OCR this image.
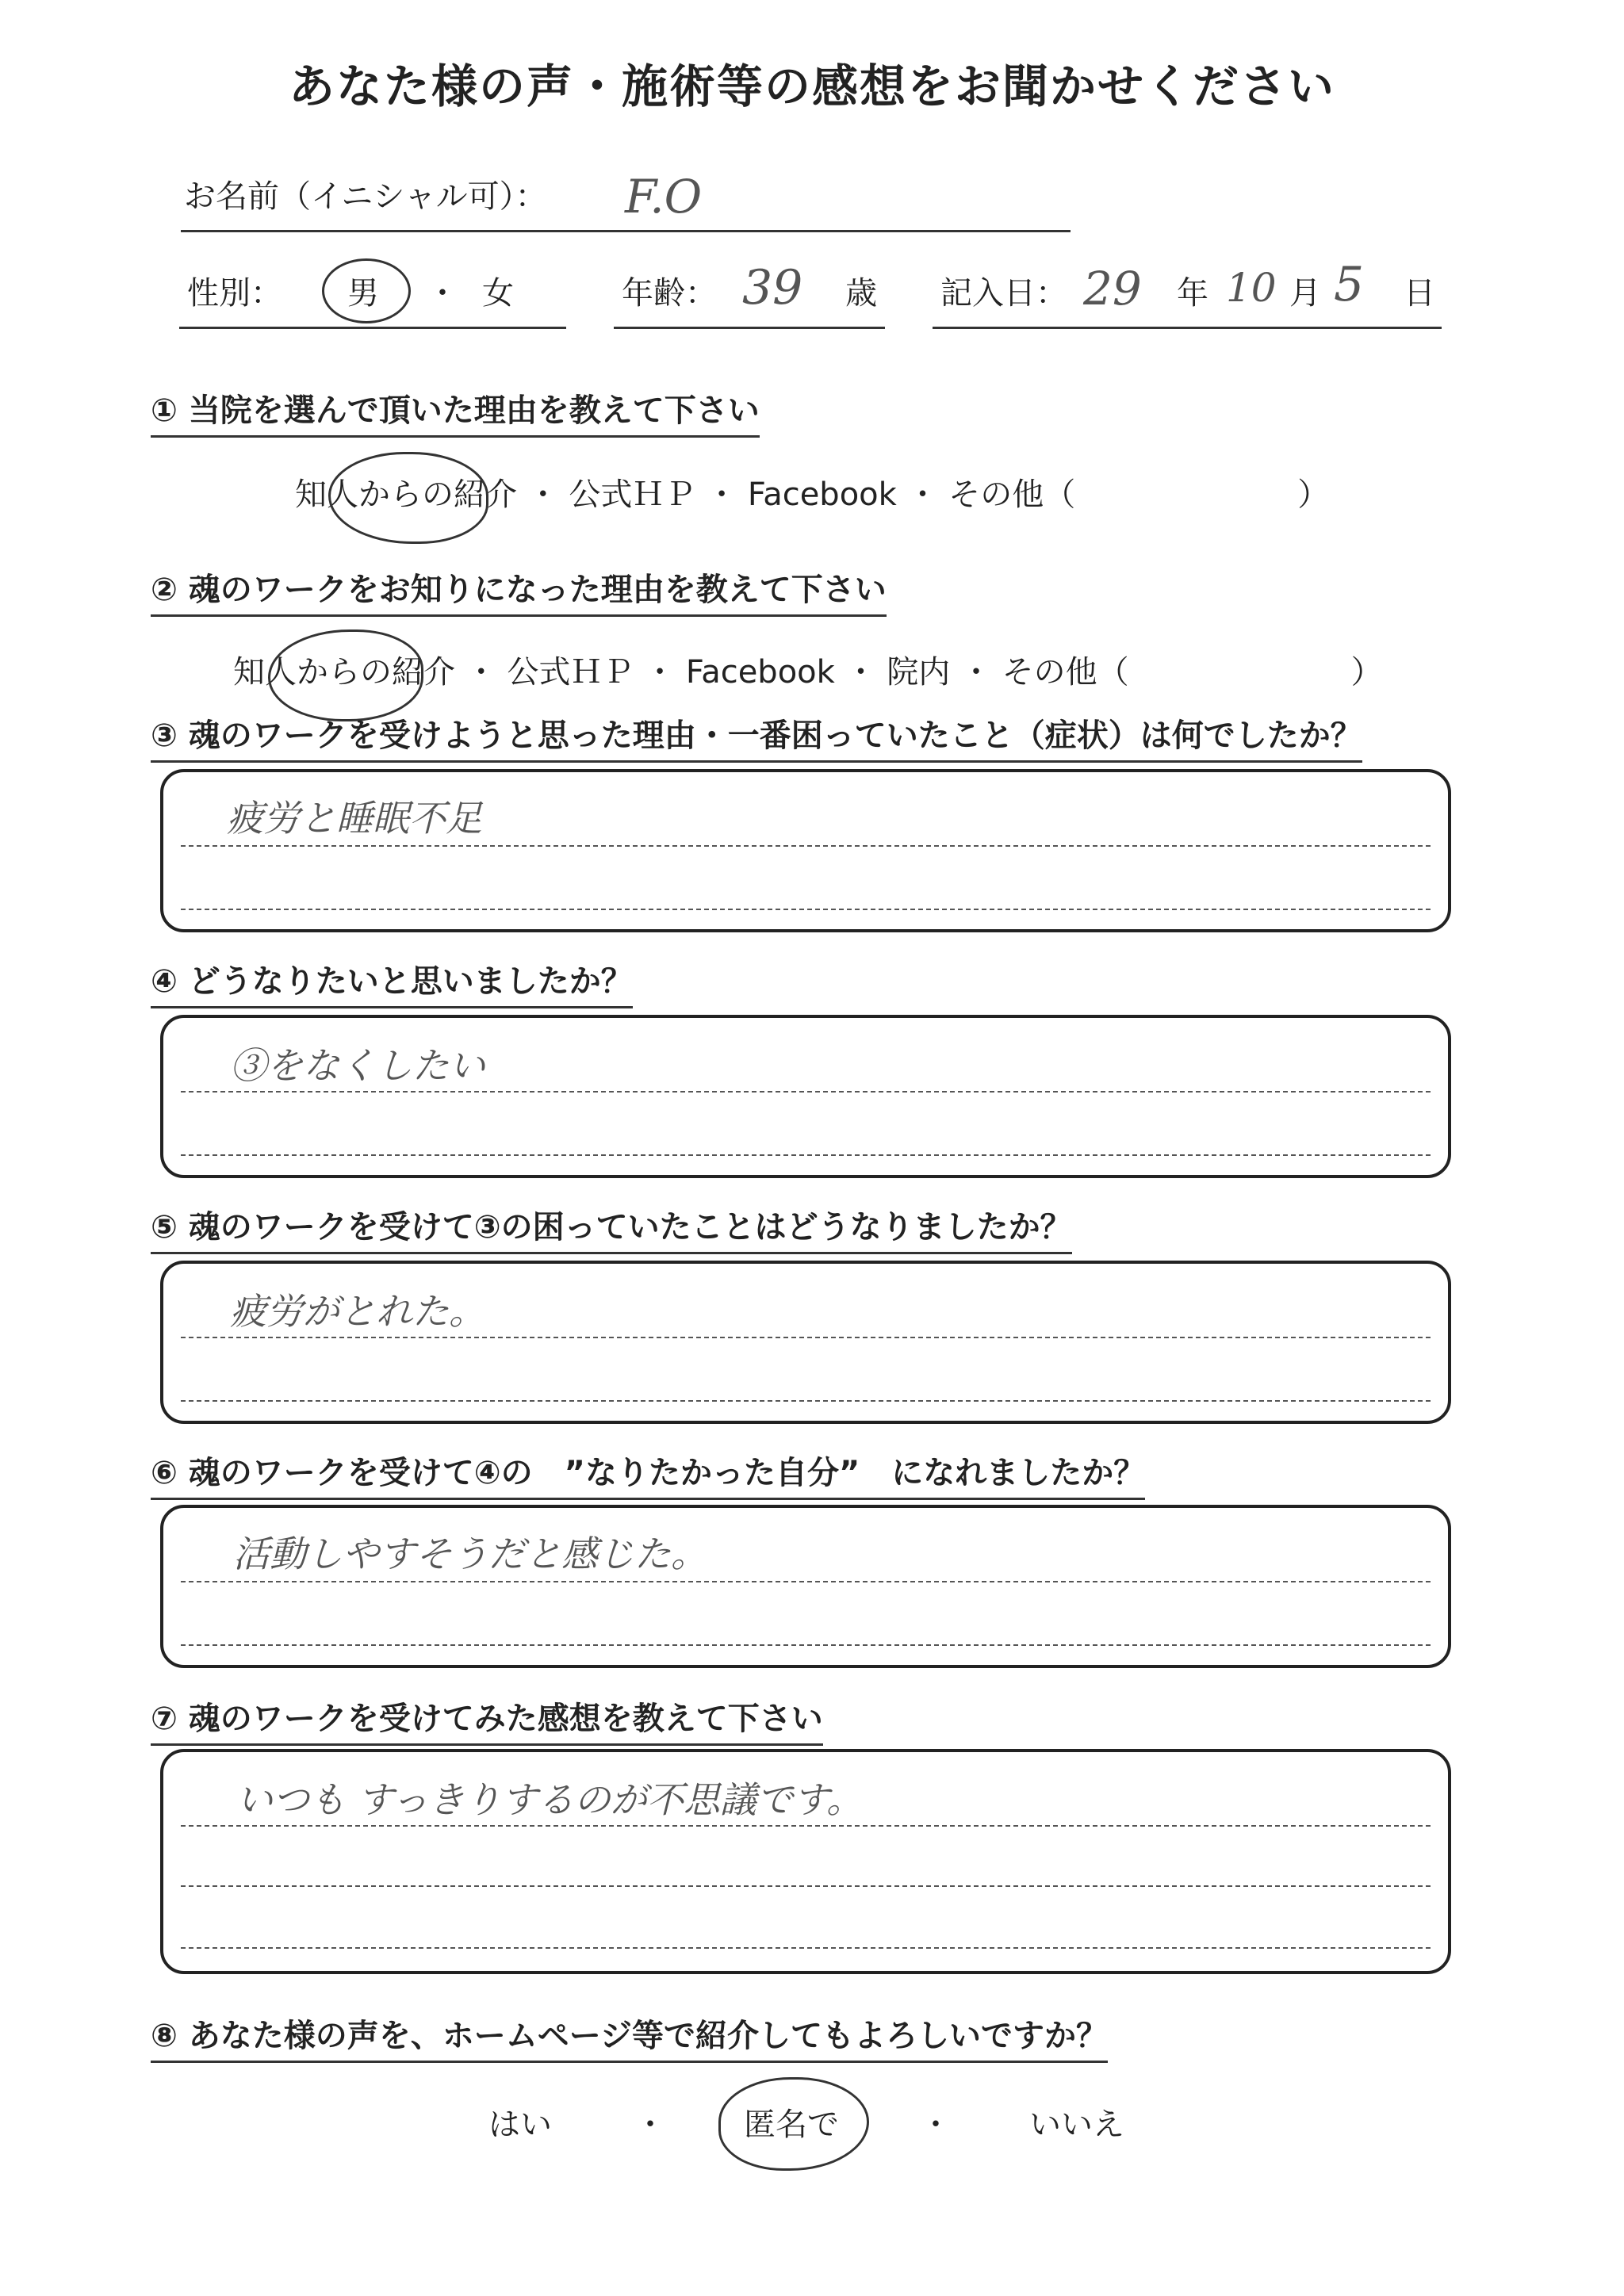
あなた様の声・施術等の感想をお聞かせください
お名前（イニシャル可）： F.O
性別： 男 ・ 女	年齢： 39 歳 記入日： 29 年 10 月 5 日
① 当院を選んで頂いた理由を教えて下さい
知人からの紹介 ・ 公式ＨＰ ・ Facebook ・ その他（　　　　　　　）
② 魂のワークをお知りになった理由を教えて下さい
知人からの紹介 ・ 公式ＨＰ ・ Facebook ・ 院内 ・ その他（　　　　　　　）
③ 魂のワークを受けようと思った理由・一番困っていたこと（症状）は何でしたか？
疲労と睡眠不足
④ どうなりたいと思いましたか？
③をなくしたい
⑤ 魂のワークを受けて③の困っていたことはどうなりましたか？
疲労がとれた。
⑥ 魂のワークを受けて④の　”なりたかった自分”　になれましたか？
活動しやすそうだと感じた。
⑦ 魂のワークを受けてみた感想を教えて下さい
いつも すっきりするのが不思議です。
⑧ あなた様の声を、ホームページ等で紹介してもよろしいですか？
はい	・ 匿名で	・ いいえ
